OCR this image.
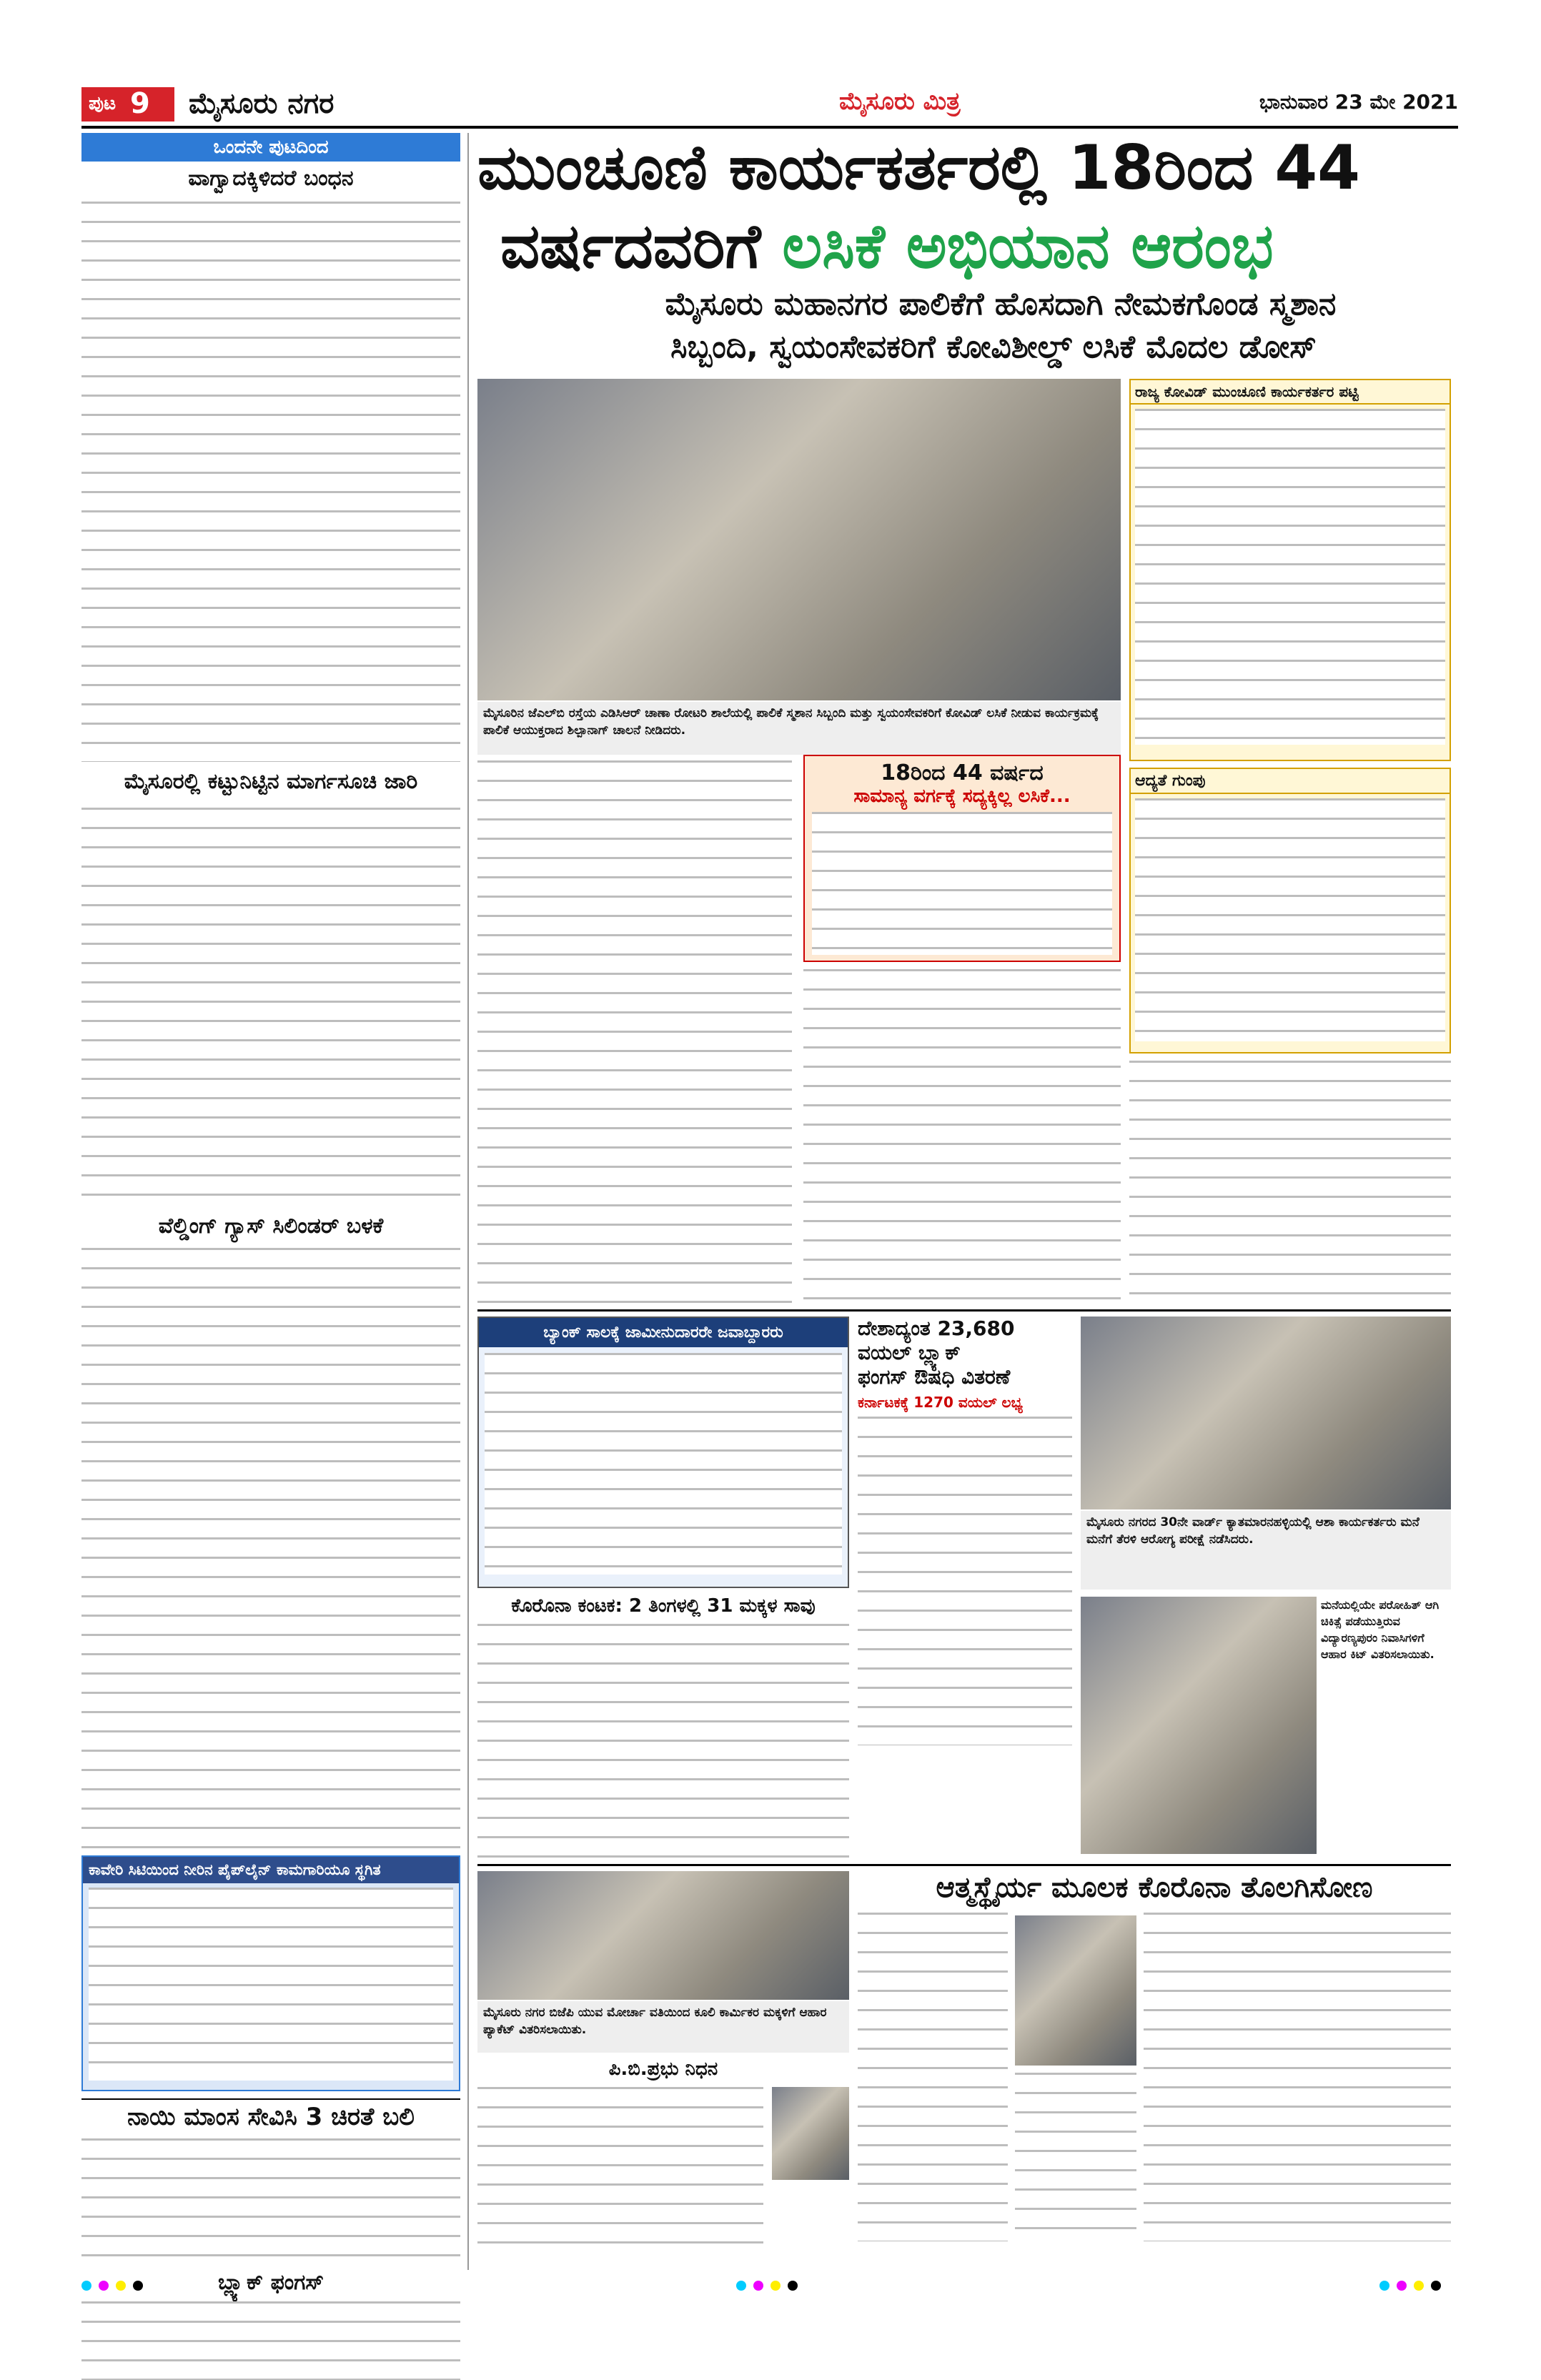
ಪುಟ 9 ಮೈಸೂರು ನಗರ	ಮೈಸೂರು ಮಿತ್ರ	ಭಾನುವಾರ 23 ಮೇ 2021
ಒಂದನೇ ಪುಟದಿಂದ
ವಾಗ್ವಾದಕ್ಕಿಳಿದರೆ ಬಂಧನ
ಮೈಸೂರಲ್ಲಿ ಕಟ್ಟುನಿಟ್ಟಿನ ಮಾರ್ಗಸೂಚಿ ಜಾರಿ
ವೆಲ್ಡಿಂಗ್ ಗ್ಯಾಸ್ ಸಿಲಿಂಡರ್ ಬಳಕೆ
ಕಾವೇರಿ ಸಿಟಿಯಿಂದ ನೀರಿನ ಪೈಪ್‌ಲೈನ್ ಕಾಮಗಾರಿಯೂ ಸ್ಥಗಿತ
ನಾಯಿ ಮಾಂಸ ಸೇವಿಸಿ 3 ಚಿರತೆ ಬಲಿ
ಬ್ಲ್ಯಾಕ್ ಫಂಗಸ್
ಮುಂಚೂಣಿ ಕಾರ್ಯಕರ್ತರಲ್ಲಿ 18ರಿಂದ 44
ವರ್ಷದವರಿಗೆ ಲಸಿಕೆ ಅಭಿಯಾನ ಆರಂಭ
ಮೈಸೂರು ಮಹಾನಗರ ಪಾಲಿಕೆಗೆ ಹೊಸದಾಗಿ ನೇಮಕಗೊಂಡ ಸ್ಮಶಾನ
ಸಿಬ್ಬಂದಿ, ಸ್ವಯಂಸೇವಕರಿಗೆ ಕೋವಿಶೀಲ್ಡ್ ಲಸಿಕೆ ಮೊದಲ ಡೋಸ್
ಮೈಸೂರಿನ ಜೆಎಲ್‌ಬಿ ರಸ್ತೆಯ ಎಡಿಸಿಆರ್ ಚಾಣಾ ರೋಟರಿ ಶಾಲೆಯಲ್ಲಿ ಪಾಲಿಕೆ ಸ್ಮಶಾನ ಸಿಬ್ಬಂದಿ ಮತ್ತು ಸ್ವಯಂಸೇವಕರಿಗೆ ಕೋವಿಡ್ ಲಸಿಕೆ ನೀಡುವ ಕಾರ್ಯಕ್ರಮಕ್ಕೆ ಪಾಲಿಕೆ ಆಯುಕ್ತರಾದ ಶಿಲ್ಪಾನಾಗ್ ಚಾಲನೆ ನೀಡಿದರು.
18ರಿಂದ 44 ವರ್ಷದ
ಸಾಮಾನ್ಯ ವರ್ಗಕ್ಕೆ ಸದ್ಯಕ್ಕಿಲ್ಲ ಲಸಿಕೆ...
ರಾಜ್ಯ ಕೋವಿಡ್ ಮುಂಚೂಣಿ ಕಾರ್ಯಕರ್ತರ ಪಟ್ಟಿ
ಆದ್ಯತೆ ಗುಂಪು
ಬ್ಯಾಂಕ್ ಸಾಲಕ್ಕೆ ಜಾಮೀನುದಾರರೇ ಜವಾಬ್ದಾರರು	ದೇಶಾದ್ಯಂತ 23,680
ವಯಲ್ ಬ್ಲ್ಯಾಕ್
ಫಂಗಸ್ ಔಷಧಿ ವಿತರಣೆ
ಕರ್ನಾಟಕಕ್ಕೆ 1270 ವಯಲ್ ಲಭ್ಯ
ಮೈಸೂರು ನಗರದ 30ನೇ ವಾರ್ಡ್ ಕ್ಯಾತಮಾರನಹಳ್ಳಿಯಲ್ಲಿ ಆಶಾ ಕಾರ್ಯಕರ್ತರು ಮನೆ ಮನೆಗೆ ತೆರಳಿ ಆರೋಗ್ಯ ಪರೀಕ್ಷೆ ನಡೆಸಿದರು.
ಕೊರೊನಾ ಕಂಟಕ: 2 ತಿಂಗಳಲ್ಲಿ 31 ಮಕ್ಕಳ ಸಾವು	ಮನೆಯಲ್ಲಿಯೇ ಪರೋಹಿತ್ ಆಗಿ ಚಿಕಿತ್ಸೆ ಪಡೆಯುತ್ತಿರುವ ವಿದ್ಯಾರಣ್ಯಪುರಂ ನಿವಾಸಿಗಳಿಗೆ ಆಹಾರ ಕಿಟ್ ವಿತರಿಸಲಾಯಿತು.
ಮೈಸೂರು ನಗರ ಬಿಜೆಪಿ ಯುವ ಮೋರ್ಚಾ ವತಿಯಿಂದ ಕೂಲಿ ಕಾರ್ಮಿಕರ ಮಕ್ಕಳಿಗೆ ಆಹಾರ ಪ್ಯಾಕೆಟ್ ವಿತರಿಸಲಾಯಿತು.
ಪಿ.ಬಿ.ಪ್ರಭು ನಿಧನ
ಆತ್ಮಸ್ಥೈರ್ಯ ಮೂಲಕ ಕೊರೊನಾ ತೊಲಗಿಸೋಣ
